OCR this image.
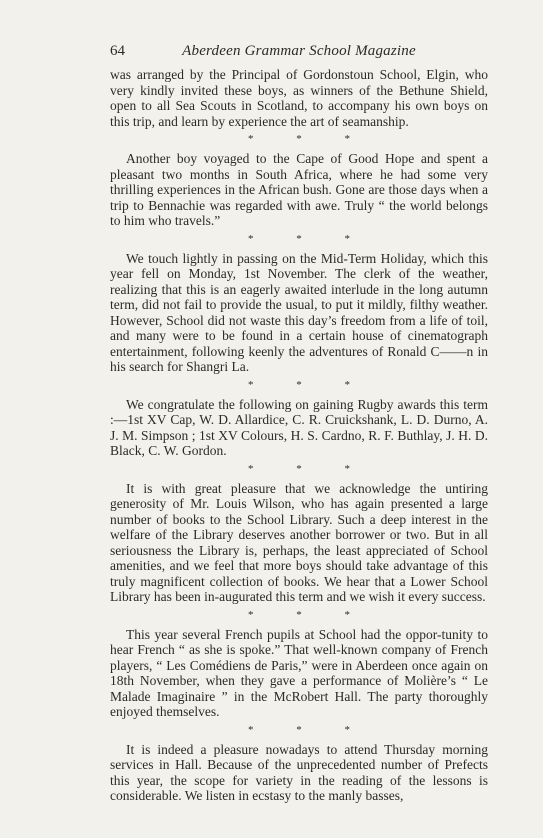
64	Aberdeen Grammar School Magazine

was arranged by the Principal of Gordonstoun School, Elgin, who very kindly invited these boys, as winners of the Bethune Shield, open to all Sea Scouts in Scotland, to accompany his own boys on this trip, and learn by experience the art of seamanship.

* * *

Another boy voyaged to the Cape of Good Hope and spent a pleasant two months in South Africa, where he had some very thrilling experiences in the African bush. Gone are those days when a trip to Bennachie was regarded with awe. Truly “ the world belongs to him who travels.”

* * *

We touch lightly in passing on the Mid-Term Holiday, which this year fell on Monday, 1st November. The clerk of the weather, realizing that this is an eagerly awaited interlude in the long autumn term, did not fail to provide the usual, to put it mildly, filthy weather. However, School did not waste this day’s freedom from a life of toil, and many were to be found in a certain house of cinematograph entertainment, following keenly the adventures of Ronald C——n in his search for Shangri La.

* * *

We congratulate the following on gaining Rugby awards this term :—1st XV Cap, W. D. Allardice, C. R. Cruickshank, L. D. Durno, A. J. M. Simpson ; 1st XV Colours, H. S. Cardno, R. F. Buthlay, J. H. D. Black, C. W. Gordon.

* * *

It is with great pleasure that we acknowledge the untiring generosity of Mr. Louis Wilson, who has again presented a large number of books to the School Library. Such a deep interest in the welfare of the Library deserves another borrower or two. But in all seriousness the Library is, perhaps, the least appreciated of School amenities, and we feel that more boys should take advantage of this truly magnificent collection of books. We hear that a Lower School Library has been in-augurated this term and we wish it every success.

* * *

This year several French pupils at School had the oppor-tunity to hear French “ as she is spoke.” That well-known company of French players, “ Les Comédiens de Paris,” were in Aberdeen once again on 18th November, when they gave a performance of Molière’s “ Le Malade Imaginaire ” in the McRobert Hall. The party thoroughly enjoyed themselves.

* * *

It is indeed a pleasure nowadays to attend Thursday morning services in Hall. Because of the unprecedented number of Prefects this year, the scope for variety in the reading of the lessons is considerable. We listen in ecstasy to the manly basses,
